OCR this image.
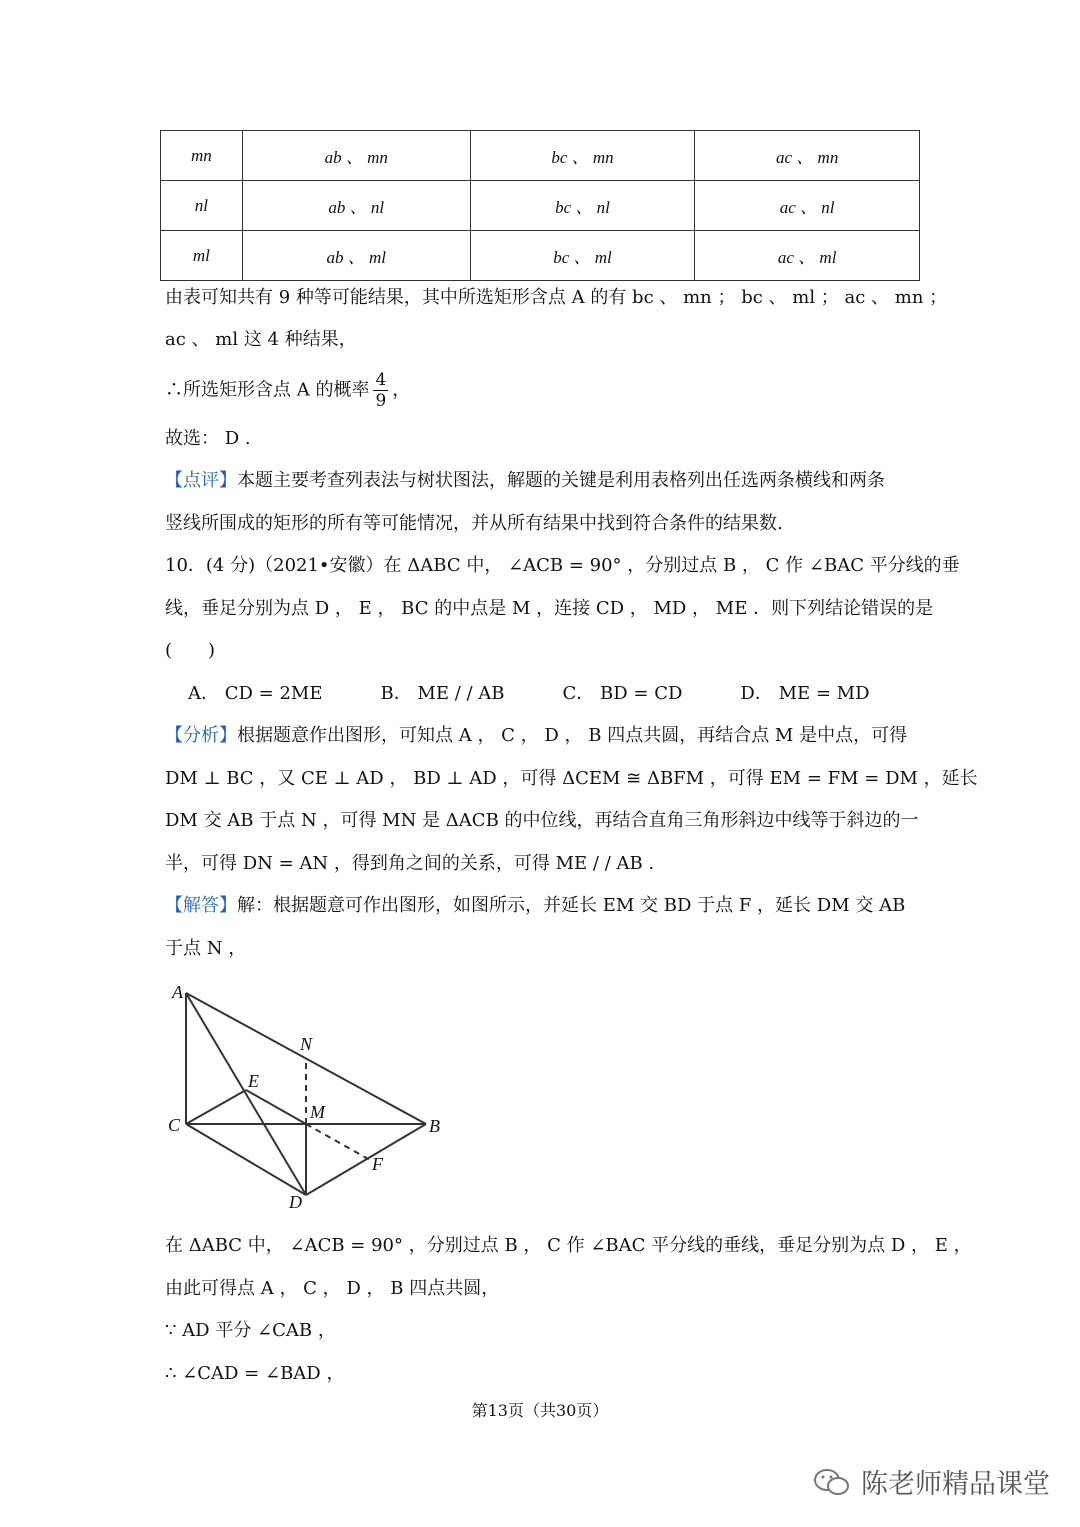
mn	ab 、 mn	bc 、 mn	ac 、 mn
nl	ab 、 nl	bc 、 nl	ac 、 nl
ml	ab 、 ml	bc 、 ml	ac 、 ml
由表可知共有 9 种等可能结果，其中所选矩形含点 A 的有 bc 、 mn ； bc 、 ml ； ac 、 mn ；
ac 、 ml 这 4 种结果，
∴所选矩形含点 A 的概率 $\frac{4}{9}$ ，
故选： D .
【点评】本题主要考查列表法与树状图法，解题的关键是利用表格列出任选两条横线和两条
竖线所围成的矩形的所有等可能情况，并从所有结果中找到符合条件的结果数.
10．(4 分)（2021•安徽）在 ΔABC 中， ∠ACB = 90° ，分别过点 B ， C 作 ∠BAC 平分线的垂
线，垂足分别为点 D ， E ， BC 的中点是 M ，连接 CD ， MD ， ME ．则下列结论错误的是
(　　)
A． CD = 2ME	B． ME / / AB	C． BD = CD	D． ME = MD
【分析】根据题意作出图形，可知点 A ， C ， D ， B 四点共圆，再结合点 M 是中点，可得
DM ⊥ BC ，又 CE ⊥ AD ， BD ⊥ AD ，可得 ΔCEM ≅ ΔBFM ，可得 EM = FM = DM ，延长
DM 交 AB 于点 N ，可得 MN 是 ΔACB 的中位线，再结合直角三角形斜边中线等于斜边的一
半，可得 DN = AN ，得到角之间的关系，可得 ME / / AB .
【解答】解：根据题意可作出图形，如图所示，并延长 EM 交 BD 于点 F ，延长 DM 交 AB
于点 N ，
A
N
E
M
C	B
F
D
在 ΔABC 中， ∠ACB = 90° ，分别过点 B ， C 作 ∠BAC 平分线的垂线，垂足分别为点 D ， E ，
由此可得点 A ， C ， D ， B 四点共圆，
∵ AD 平分 ∠CAB ，
∴ ∠CAD = ∠BAD ，
第13页（共30页）
陈老师精品课堂
